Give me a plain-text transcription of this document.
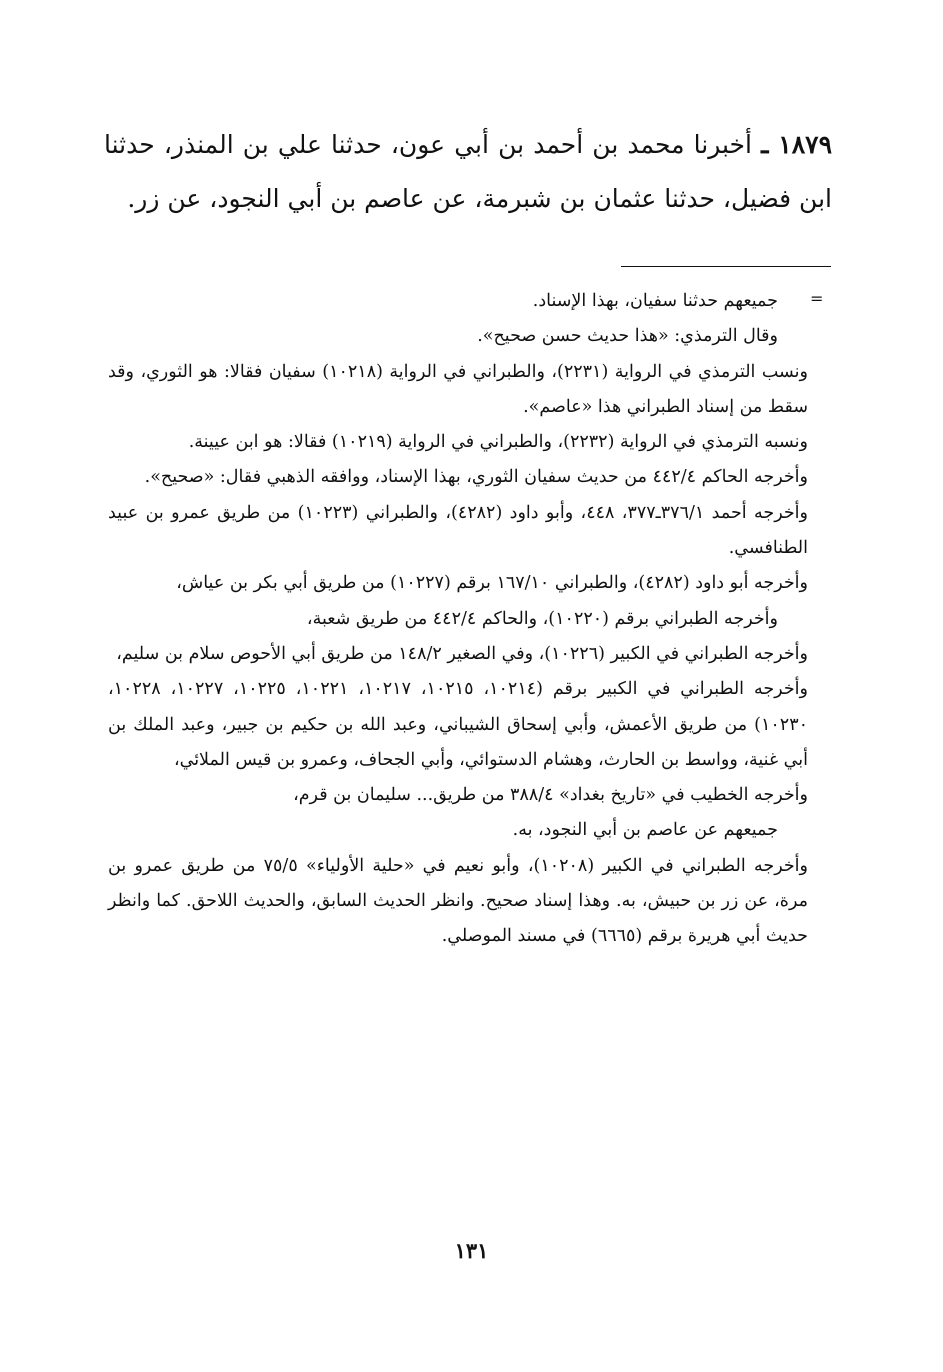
١٨٧٩ ـ أخبرنا محمد بن أحمد بن أبي عون، حدثنا علي بن المنذر، حدثنا ابن فضيل، حدثنا عثمان بن شبرمة، عن عاصم بن أبي النجود، عن زر.
=

جميعهم حدثنا سفيان، بهذا الإسناد.

وقال الترمذي: «هذا حديث حسن صحيح».

ونسب الترمذي في الرواية (٢٢٣١)، والطبراني في الرواية (١٠٢١٨) سفيان فقالا: هو الثوري، وقد سقط من إسناد الطبراني هذا «عاصم».

ونسبه الترمذي في الرواية (٢٢٣٢)، والطبراني في الرواية (١٠٢١٩) فقالا: هو ابن عيينة.

وأخرجه الحاكم ٤٤٢/٤ من حديث سفيان الثوري، بهذا الإسناد، ووافقه الذهبي فقال: «صحيح».

وأخرجه أحمد ٣٧٦/١ـ٣٧٧، ٤٤٨، وأبو داود (٤٢٨٢)، والطبراني (١٠٢٢٣) من طريق عمرو بن عبيد الطنافسي.

وأخرجه أبو داود (٤٢٨٢)، والطبراني ١٦٧/١٠ برقم (١٠٢٢٧) من طريق أبي بكر بن عياش،

وأخرجه الطبراني برقم (١٠٢٢٠)، والحاكم ٤٤٢/٤ من طريق شعبة،

وأخرجه الطبراني في الكبير (١٠٢٢٦)، وفي الصغير ١٤٨/٢ من طريق أبي الأحوص سلام بن سليم،

وأخرجه الطبراني في الكبير برقم (١٠٢١٤، ١٠٢١٥، ١٠٢١٧، ١٠٢٢١، ١٠٢٢٥، ١٠٢٢٧، ١٠٢٢٨، ١٠٢٣٠) من طريق الأعمش، وأبي إسحاق الشيباني، وعبد الله بن حكيم بن جبير، وعبد الملك بن أبي غنية، وواسط بن الحارث، وهشام الدستوائي، وأبي الجحاف، وعمرو بن قيس الملائي،

وأخرجه الخطيب في «تاريخ بغداد» ٣٨٨/٤ من طريق... سليمان بن قرم،

جميعهم عن عاصم بن أبي النجود، به.

وأخرجه الطبراني في الكبير (١٠٢٠٨)، وأبو نعيم في «حلية الأولياء» ٧٥/٥ من طريق عمرو بن مرة، عن زر بن حبيش، به. وهذا إسناد صحيح. وانظر الحديث السابق، والحديث اللاحق. كما وانظر حديث أبي هريرة برقم (٦٦٦٥) في مسند الموصلي.

١٣١
